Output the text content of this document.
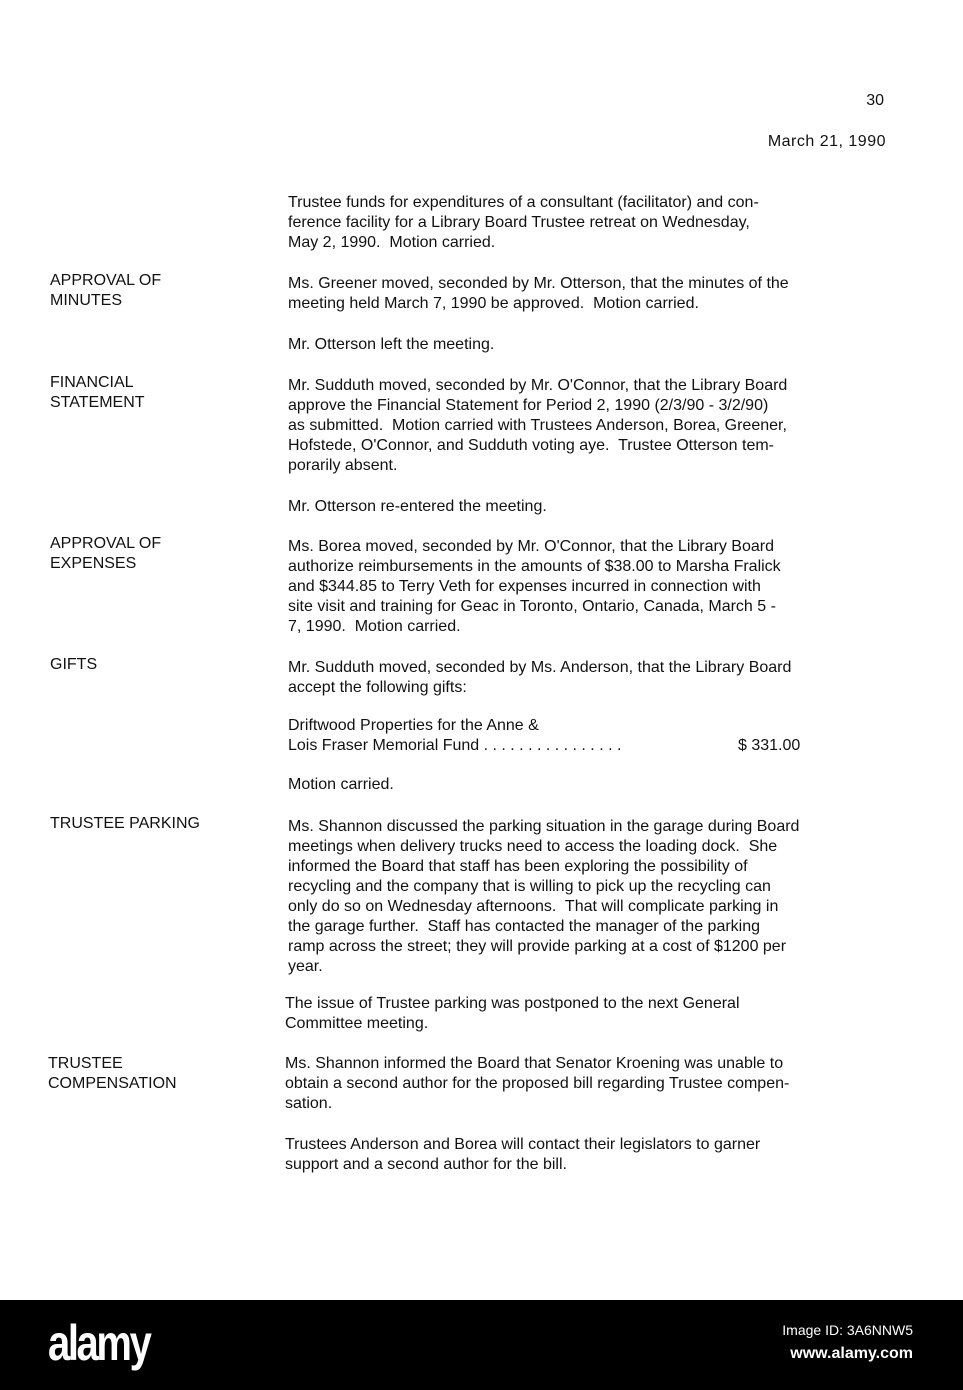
30
March 21, 1990
Trustee funds for expenditures of a consultant (facilitator) and con-
ference facility for a Library Board Trustee retreat on Wednesday,
May 2, 1990.  Motion carried.
APPROVAL OF
MINUTES
Ms. Greener moved, seconded by Mr. Otterson, that the minutes of the
meeting held March 7, 1990 be approved.  Motion carried.
Mr. Otterson left the meeting.
FINANCIAL
STATEMENT
Mr. Sudduth moved, seconded by Mr. O'Connor, that the Library Board
approve the Financial Statement for Period 2, 1990 (2/3/90 - 3/2/90)
as submitted.  Motion carried with Trustees Anderson, Borea, Greener,
Hofstede, O'Connor, and Sudduth voting aye.  Trustee Otterson tem-
porarily absent.
Mr. Otterson re-entered the meeting.
APPROVAL OF
EXPENSES
Ms. Borea moved, seconded by Mr. O'Connor, that the Library Board
authorize reimbursements in the amounts of $38.00 to Marsha Fralick
and $344.85 to Terry Veth for expenses incurred in connection with
site visit and training for Geac in Toronto, Ontario, Canada, March 5 -
7, 1990.  Motion carried.
GIFTS	Mr. Sudduth moved, seconded by Ms. Anderson, that the Library Board
accept the following gifts:
Driftwood Properties for the Anne &
Lois Fraser Memorial Fund . . . . . . . . . . . . . . . .	$ 331.00
Motion carried.
TRUSTEE PARKING	Ms. Shannon discussed the parking situation in the garage during Board
meetings when delivery trucks need to access the loading dock.  She
informed the Board that staff has been exploring the possibility of
recycling and the company that is willing to pick up the recycling can
only do so on Wednesday afternoons.  That will complicate parking in
the garage further.  Staff has contacted the manager of the parking
ramp across the street; they will provide parking at a cost of $1200 per
year.
The issue of Trustee parking was postponed to the next General
Committee meeting.
TRUSTEE
COMPENSATION
Ms. Shannon informed the Board that Senator Kroening was unable to
obtain a second author for the proposed bill regarding Trustee compen-
sation.
Trustees Anderson and Borea will contact their legislators to garner
support and a second author for the bill.
alamy	Image ID: 3A6NNW5
www.alamy.com
